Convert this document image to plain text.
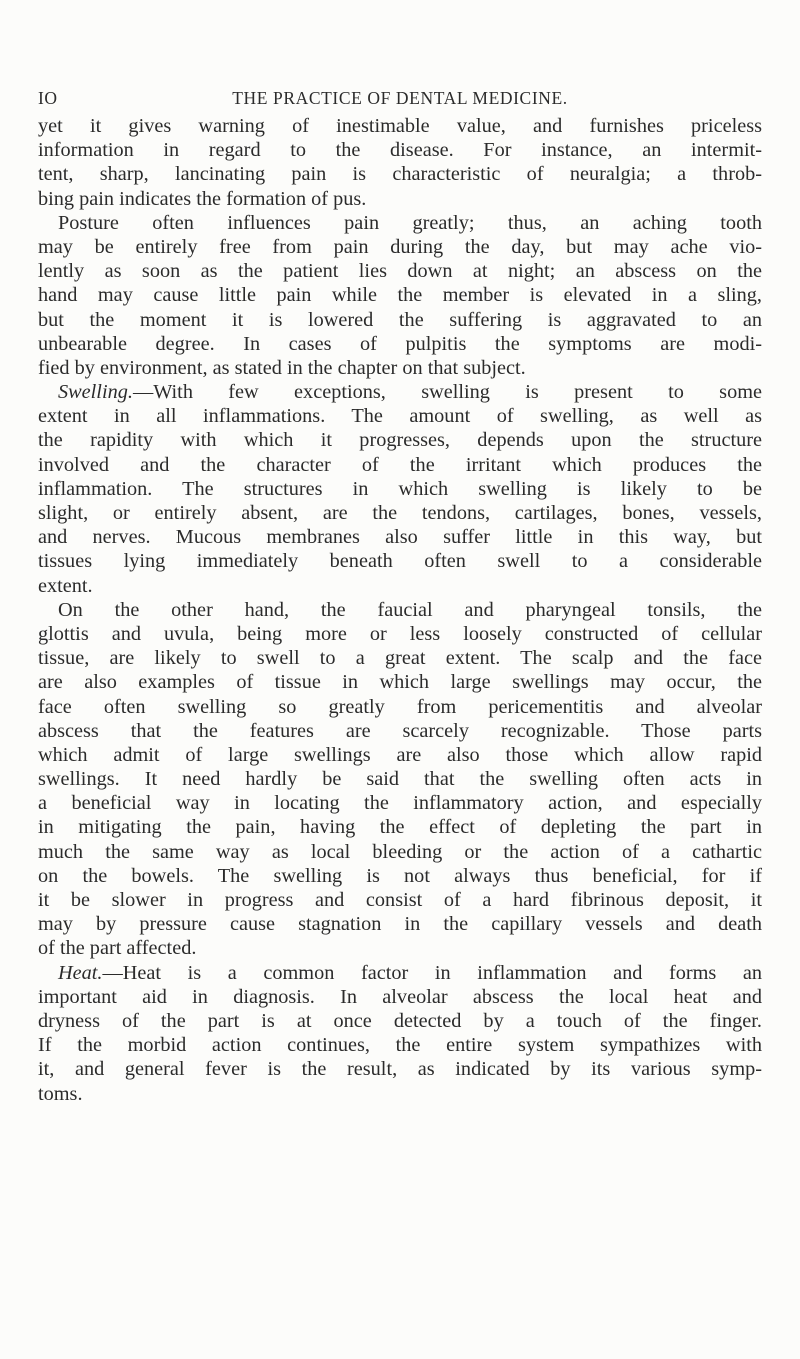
IO	THE PRACTICE OF DENTAL MEDICINE.
yet it gives warning of inestimable value, and furnishes priceless
information in regard to the disease. For instance, an intermit-
tent, sharp, lancinating pain is characteristic of neuralgia; a throb-
bing pain indicates the formation of pus.
Posture often influences pain greatly; thus, an aching tooth
may be entirely free from pain during the day, but may ache vio-
lently as soon as the patient lies down at night; an abscess on the
hand may cause little pain while the member is elevated in a sling,
but the moment it is lowered the suffering is aggravated to an
unbearable degree. In cases of pulpitis the symptoms are modi-
fied by environment, as stated in the chapter on that subject.
Swelling.—With few exceptions, swelling is present to some
extent in all inflammations. The amount of swelling, as well as
the rapidity with which it progresses, depends upon the structure
involved and the character of the irritant which produces the
inflammation. The structures in which swelling is likely to be
slight, or entirely absent, are the tendons, cartilages, bones, vessels,
and nerves. Mucous membranes also suffer little in this way, but
tissues lying immediately beneath often swell to a considerable
extent.
On the other hand, the faucial and pharyngeal tonsils, the
glottis and uvula, being more or less loosely constructed of cellular
tissue, are likely to swell to a great extent. The scalp and the face
are also examples of tissue in which large swellings may occur, the
face often swelling so greatly from pericementitis and alveolar
abscess that the features are scarcely recognizable. Those parts
which admit of large swellings are also those which allow rapid
swellings. It need hardly be said that the swelling often acts in
a beneficial way in locating the inflammatory action, and especially
in mitigating the pain, having the effect of depleting the part in
much the same way as local bleeding or the action of a cathartic
on the bowels. The swelling is not always thus beneficial, for if
it be slower in progress and consist of a hard fibrinous deposit, it
may by pressure cause stagnation in the capillary vessels and death
of the part affected.
Heat.—Heat is a common factor in inflammation and forms an
important aid in diagnosis. In alveolar abscess the local heat and
dryness of the part is at once detected by a touch of the finger.
If the morbid action continues, the entire system sympathizes with
it, and general fever is the result, as indicated by its various symp-
toms.
